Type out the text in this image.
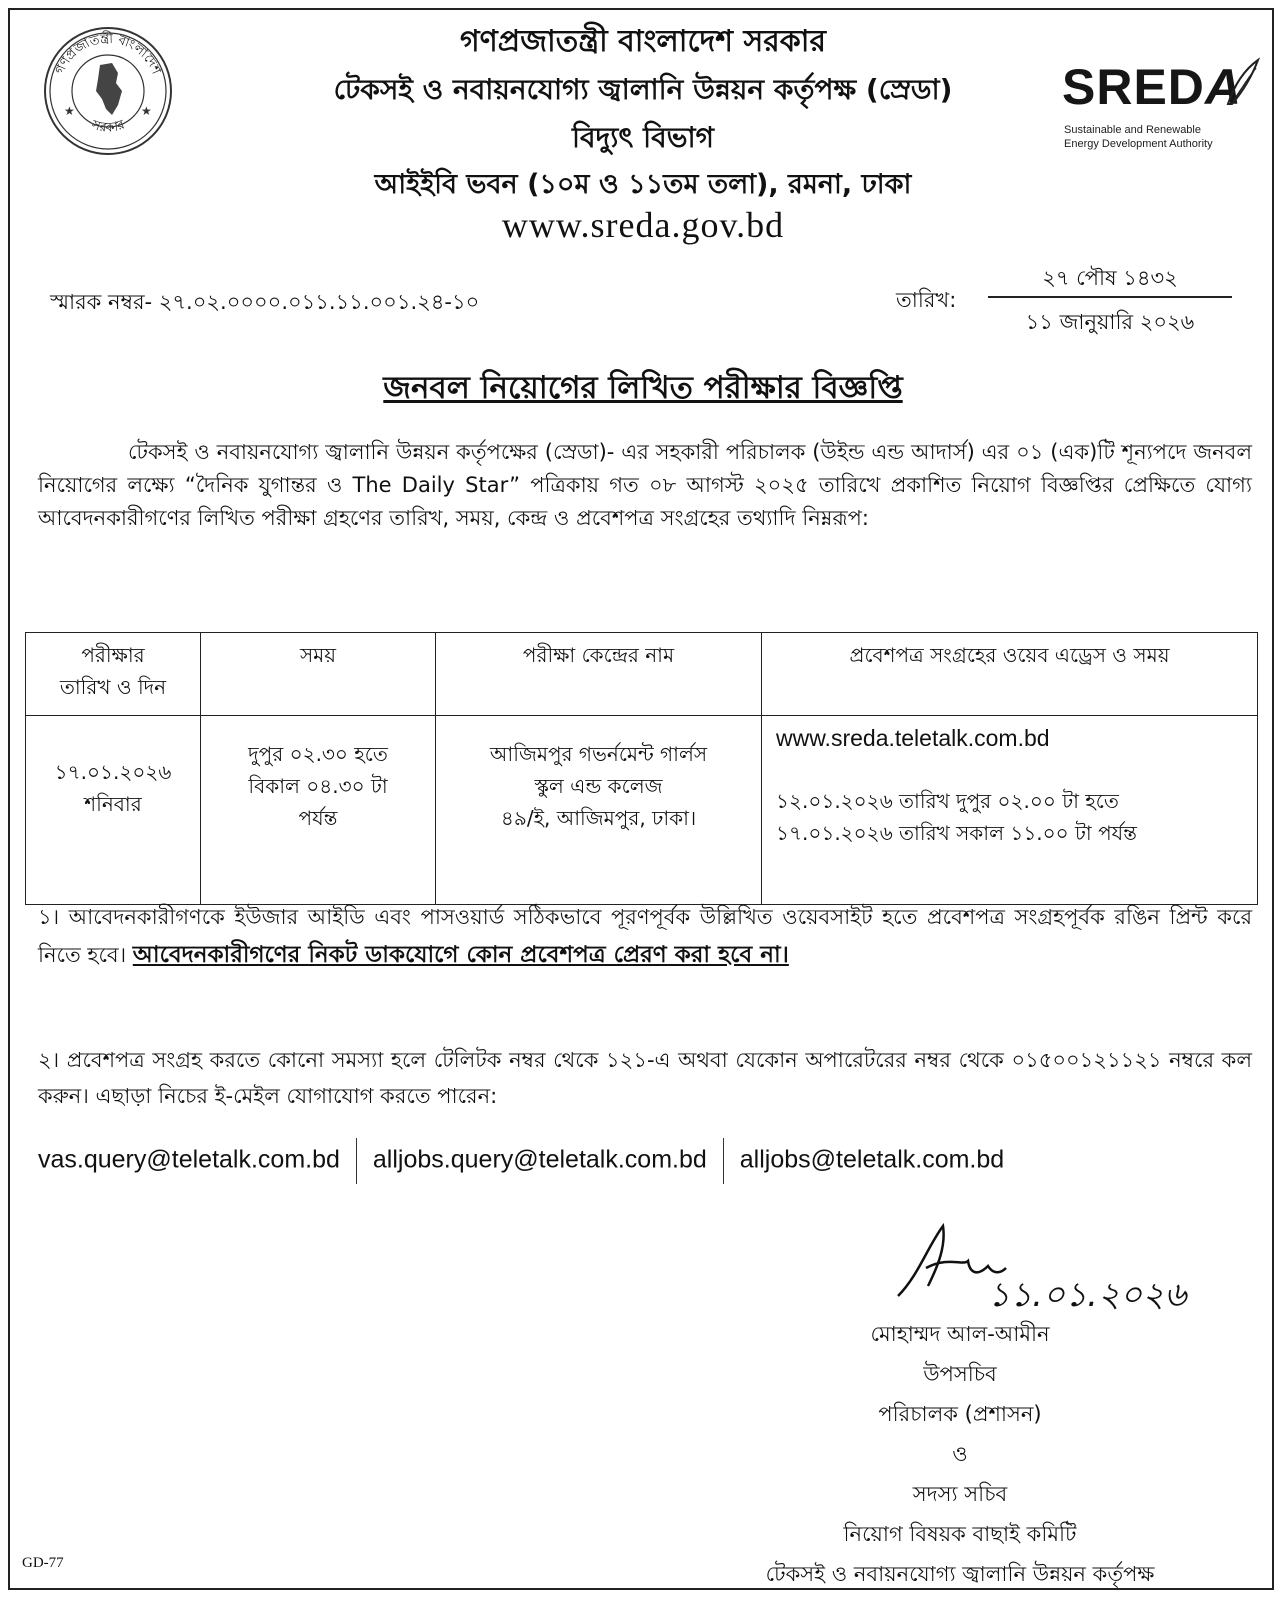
গণপ্রজাতন্ত্রী বাংলাদেশ
সরকার
★	★
গণপ্রজাতন্ত্রী বাংলাদেশ সরকার
টেকসই ও নবায়নযোগ্য জ্বালানি উন্নয়ন কর্তৃপক্ষ (স্রেডা)
বিদ্যুৎ বিভাগ
আইইবি ভবন (১০ম ও ১১তম তলা), রমনা, ঢাকা
www.sreda.gov.bd
SREDA
Sustainable and Renewable
Energy Development Authority
স্মারক নম্বর- ২৭.০২.০০০০.০১১.১১.০০১.২৪-১০	তারিখ:
২৭ পৌষ ১৪৩২
১১ জানুয়ারি ২০২৬
জনবল নিয়োগের লিখিত পরীক্ষার বিজ্ঞপ্তি
টেকসই ও নবায়নযোগ্য জ্বালানি উন্নয়ন কর্তৃপক্ষের (স্রেডা)- এর সহকারী পরিচালক (উইন্ড এন্ড আদার্স) এর ০১ (এক)টি শূন্যপদে জনবল নিয়োগের লক্ষ্যে “দৈনিক যুগান্তর ও The Daily Star” পত্রিকায় গত ০৮ আগস্ট ২০২৫ তারিখে প্রকাশিত নিয়োগ বিজ্ঞপ্তির প্রেক্ষিতে যোগ্য আবেদনকারীগণের লিখিত পরীক্ষা গ্রহণের তারিখ, সময়, কেন্দ্র ও প্রবেশপত্র সংগ্রহের তথ্যাদি নিম্নরূপ:
পরীক্ষার
তারিখ ও দিন	সময়	পরীক্ষা কেন্দ্রের নাম	প্রবেশপত্র সংগ্রহের ওয়েব এড্রেস ও সময়
১৭.০১.২০২৬
শনিবার	দুপুর ০২.৩০ হতে
বিকাল ০৪.৩০ টা
পর্যন্ত	আজিমপুর গভর্নমেন্ট গার্লস
স্কুল এন্ড কলেজ
৪৯/ই, আজিমপুর, ঢাকা।	www.sreda.teletalk.com.bd

১২.০১.২০২৬ তারিখ দুপুর ০২.০০ টা হতে
১৭.০১.২০২৬ তারিখ সকাল ১১.০০ টা পর্যন্ত
১। আবেদনকারীগণকে ইউজার আইডি এবং পাসওয়ার্ড সঠিকভাবে পূরণপূর্বক উল্লিখিত ওয়েবসাইট হতে প্রবেশপত্র সংগ্রহপূর্বক রঙিন প্রিন্ট করে নিতে হবে। আবেদনকারীগণের নিকট ডাকযোগে কোন প্রবেশপত্র প্রেরণ করা হবে না।
২। প্রবেশপত্র সংগ্রহ করতে কোনো সমস্যা হলে টেলিটক নম্বর থেকে ১২১-এ অথবা যেকোন অপারেটরের নম্বর থেকে ০১৫০০১২১১২১ নম্বরে কল করুন। এছাড়া নিচের ই-মেইল যোগাযোগ করতে পারেন:
vas.query@teletalk.com.bd alljobs.query@teletalk.com.bd alljobs@teletalk.com.bd
১১.০১.২০২৬
মোহাম্মদ আল-আমীন
উপসচিব
পরিচালক (প্রশাসন)
ও
সদস্য সচিব
নিয়োগ বিষয়ক বাছাই কমিটি
টেকসই ও নবায়নযোগ্য জ্বালানি উন্নয়ন কর্তৃপক্ষ
GD-77
